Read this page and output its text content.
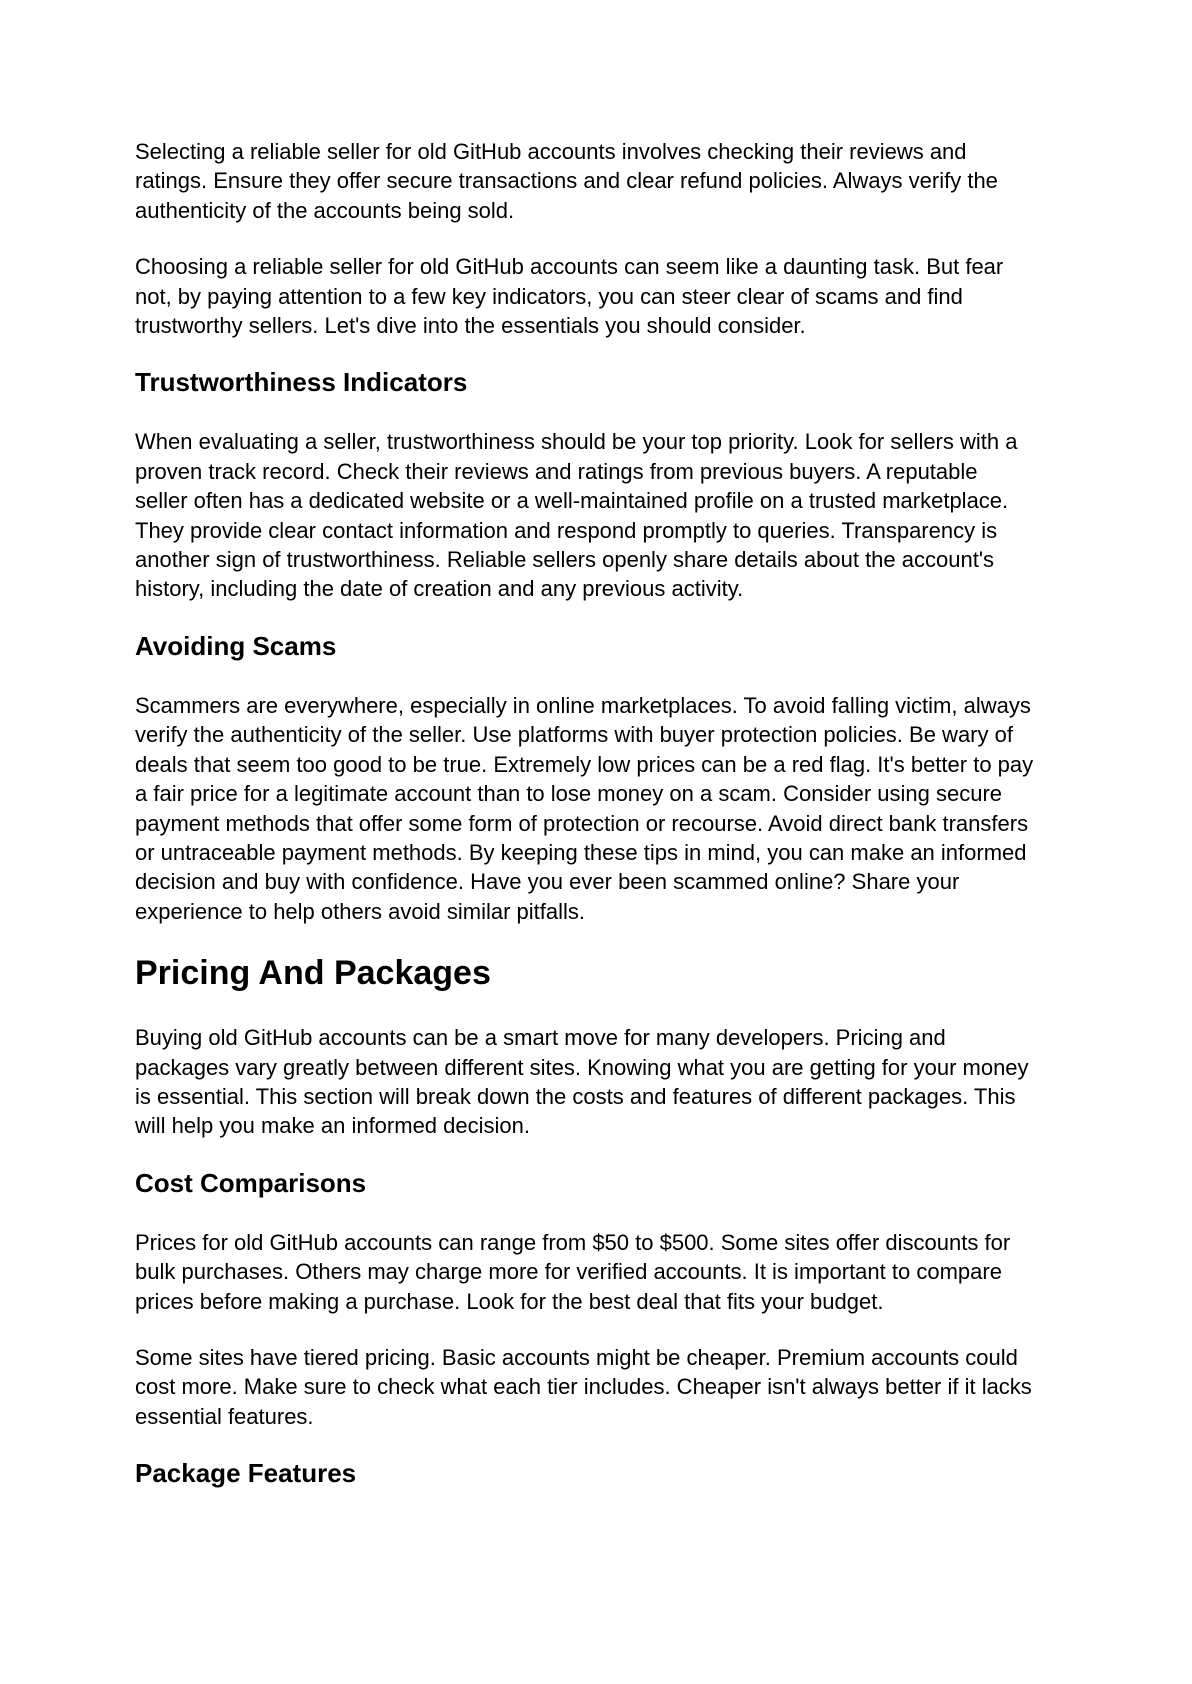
Selecting a reliable seller for old GitHub accounts involves checking their reviews and ratings. Ensure they offer secure transactions and clear refund policies. Always verify the authenticity of the accounts being sold.

Choosing a reliable seller for old GitHub accounts can seem like a daunting task. But fear not, by paying attention to a few key indicators, you can steer clear of scams and find trustworthy sellers. Let's dive into the essentials you should consider.

Trustworthiness Indicators

When evaluating a seller, trustworthiness should be your top priority. Look for sellers with a proven track record. Check their reviews and ratings from previous buyers. A reputable seller often has a dedicated website or a well-maintained profile on a trusted marketplace. They provide clear contact information and respond promptly to queries. Transparency is another sign of trustworthiness. Reliable sellers openly share details about the account's history, including the date of creation and any previous activity.

Avoiding Scams

Scammers are everywhere, especially in online marketplaces. To avoid falling victim, always verify the authenticity of the seller. Use platforms with buyer protection policies. Be wary of deals that seem too good to be true. Extremely low prices can be a red flag. It's better to pay a fair price for a legitimate account than to lose money on a scam. Consider using secure payment methods that offer some form of protection or recourse. Avoid direct bank transfers or untraceable payment methods. By keeping these tips in mind, you can make an informed decision and buy with confidence. Have you ever been scammed online? Share your experience to help others avoid similar pitfalls.

Pricing And Packages

Buying old GitHub accounts can be a smart move for many developers. Pricing and packages vary greatly between different sites. Knowing what you are getting for your money is essential. This section will break down the costs and features of different packages. This will help you make an informed decision.

Cost Comparisons

Prices for old GitHub accounts can range from $50 to $500. Some sites offer discounts for bulk purchases. Others may charge more for verified accounts. It is important to compare prices before making a purchase. Look for the best deal that fits your budget.

Some sites have tiered pricing. Basic accounts might be cheaper. Premium accounts could cost more. Make sure to check what each tier includes. Cheaper isn't always better if it lacks essential features.

Package Features
